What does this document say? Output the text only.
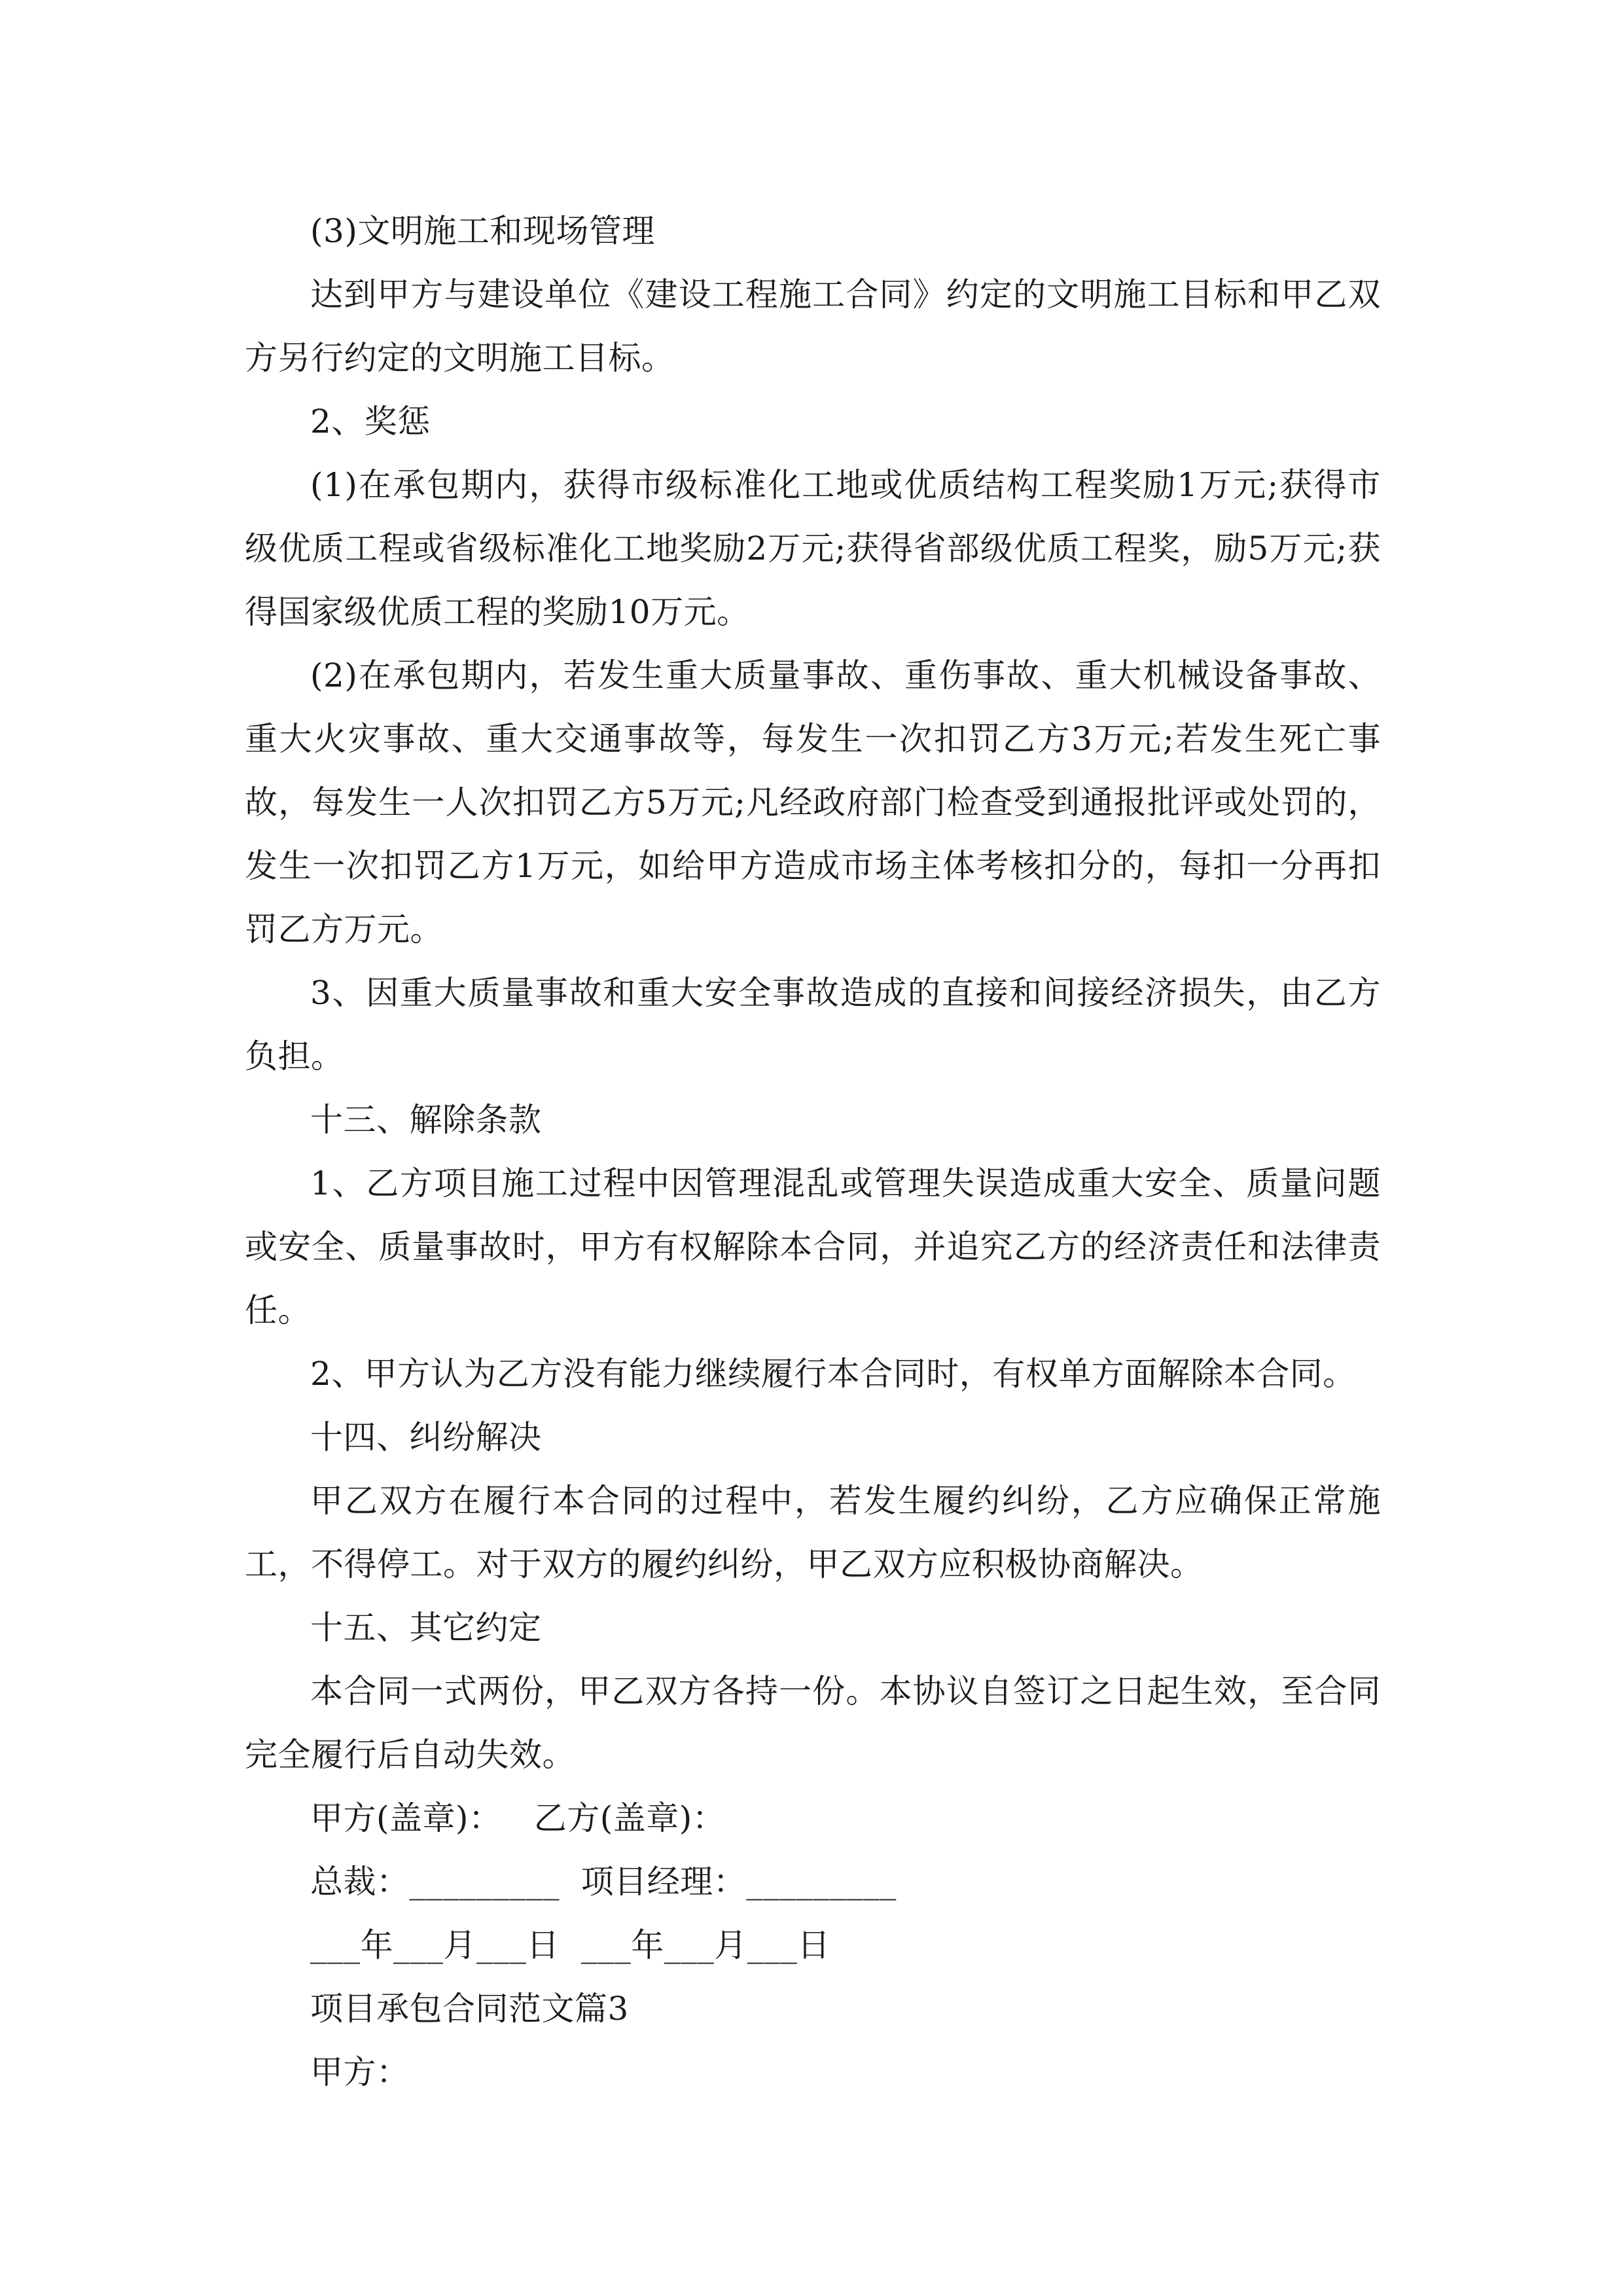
(3)文明施工和现场管理

达到甲方与建设单位《建设工程施工合同》约定的文明施工目标和甲乙双方另行约定的文明施工目标。

2、奖惩

(1)在承包期内，获得市级标准化工地或优质结构工程奖励1万元;获得市级优质工程或省级标准化工地奖励2万元;获得省部级优质工程奖，励5万元;获得国家级优质工程的奖励10万元。

(2)在承包期内，若发生重大质量事故、重伤事故、重大机械设备事故、重大火灾事故、重大交通事故等，每发生一次扣罚乙方3万元;若发生死亡事故，每发生一人次扣罚乙方5万元;凡经政府部门检查受到通报批评或处罚的，发生一次扣罚乙方1万元，如给甲方造成市场主体考核扣分的，每扣一分再扣罚乙方万元。

3、因重大质量事故和重大安全事故造成的直接和间接经济损失，由乙方负担。

十三、解除条款

1、乙方项目施工过程中因管理混乱或管理失误造成重大安全、质量问题或安全、质量事故时，甲方有权解除本合同，并追究乙方的经济责任和法律责任。

2、甲方认为乙方没有能力继续履行本合同时，有权单方面解除本合同。

十四、纠纷解决

甲乙双方在履行本合同的过程中，若发生履约纠纷，乙方应确保正常施工，不得停工。对于双方的履约纠纷，甲乙双方应积极协商解决。

十五、其它约定

本合同一式两份，甲乙双方各持一份。本协议自签订之日起生效，至合同完全履行后自动失效。

甲方(盖章)：   乙方(盖章)：

总裁：_________  项目经理：_________

___年___月___日  ___年___月___日

项目承包合同范文篇3

甲方：
